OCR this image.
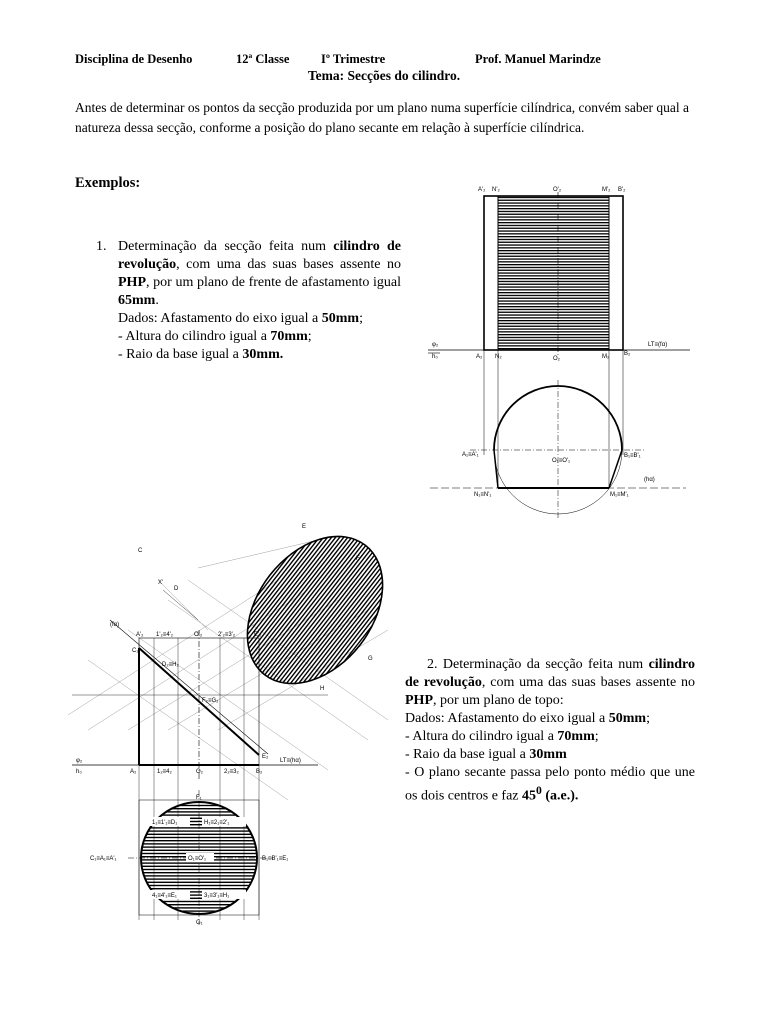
Disciplina de Desenho	12ª Classe	Iº Trimestre	Prof. Manuel Marindze
Tema: Secções do cilindro.
Antes de determinar os pontos da secção produzida por um plano numa superfície cilíndrica, convém saber qual a natureza dessa secção, conforme a posição do plano secante em relação à superfície cilíndrica.
Exemplos:
1. Determinação da secção feita num cilindro de revolução, com uma das suas bases assente no PHP, por um plano de frente de afastamento igual 65mm.

Dados: Afastamento do eixo igual a 50mm;

- Altura do cilindro igual a 70mm;

- Raio da base igual a 30mm.

2. Determinação da secção feita num cilindro de revolução, com uma das suas bases assente no PHP, por um plano de topo:

Dados: Afastamento do eixo igual a 50mm;

- Altura do cilindro igual a 70mm;

- Raio da base igual a 30mm

- O plano secante passa pelo ponto médio que une os dois centros e faz $45^0$ (a.e.).

A'₂ N'₂	O'₂	M'₂ B'₂
φ₂
h₀	A₂ N₂	O₂	M₂ B₂
LT≡(fα)
A₁≡A'₁
O₁≡O'₁
B₁≡B'₁
N₁≡N'₁	M₁≡M'₁
(hα)
C
E
F
D
G
H
X'
(fα)
A'₂ 1'₂≡4'₂	O'₂	2'₂≡3'₂	E'₂
C₂
D₂≡H₂
F₂≡G₂
E₂
φ₂
h₀	A₂	1₂≡4₂	O₂	2₂≡3₂	B₂
LT≡(hα)
F₁
1₁≡1'₁≡D₁	H₁≡2₁≡2'₁
C₁≡A₁≡A'₁	O₁≡O'₁	B₁≡B'₁≡E₁
4₁≡4'₁≡E₁	3₁≡3'₁≡H₁
G₁
